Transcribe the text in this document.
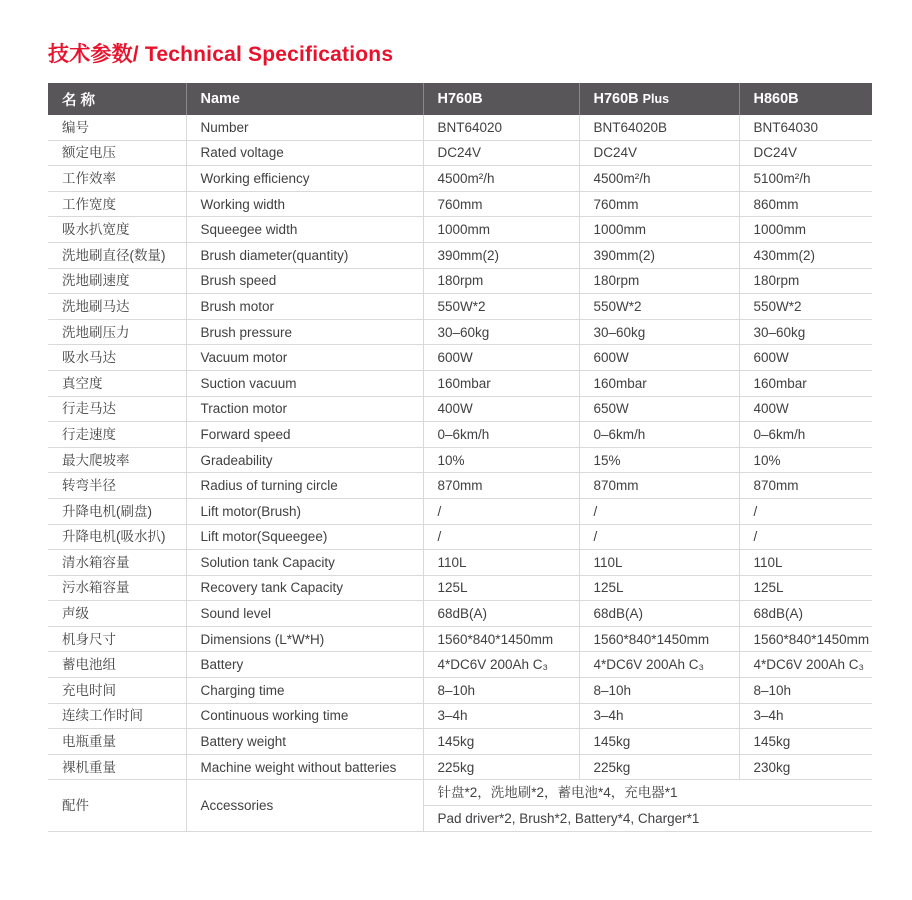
技术参数/ Technical Specifications
名 称	Name	H760B	H760B Plus	H860B
编号	Number	BNT64020	BNT64020B	BNT64030
额定电压	Rated voltage	DC24V	DC24V	DC24V
工作效率	Working efficiency	4500m²/h	4500m²/h	5100m²/h
工作宽度	Working width	760mm	760mm	860mm
吸水扒宽度	Squeegee width	1000mm	1000mm	1000mm
洗地刷直径(数量)	Brush diameter(quantity)	390mm(2)	390mm(2)	430mm(2)
洗地刷速度	Brush speed	180rpm	180rpm	180rpm
洗地刷马达	Brush motor	550W*2	550W*2	550W*2
洗地刷压力	Brush pressure	30–60kg	30–60kg	30–60kg
吸水马达	Vacuum motor	600W	600W	600W
真空度	Suction vacuum	160mbar	160mbar	160mbar
行走马达	Traction motor	400W	650W	400W
行走速度	Forward speed	0–6km/h	0–6km/h	0–6km/h
最大爬坡率	Gradeability	10%	15%	10%
转弯半径	Radius of turning circle	870mm	870mm	870mm
升降电机(刷盘)	Lift motor(Brush)	/	/	/
升降电机(吸水扒)	Lift motor(Squeegee)	/	/	/
清水箱容量	Solution tank Capacity	110L	110L	110L
污水箱容量	Recovery tank Capacity	125L	125L	125L
声级	Sound level	68dB(A)	68dB(A)	68dB(A)
机身尺寸	Dimensions (L*W*H)	1560*840*1450mm	1560*840*1450mm	1560*840*1450mm
蓄电池组	Battery	4*DC6V 200Ah C₃	4*DC6V 200Ah C₃	4*DC6V 200Ah C₃
充电时间	Charging time	8–10h	8–10h	8–10h
连续工作时间	Continuous working time	3–4h	3–4h	3–4h
电瓶重量	Battery weight	145kg	145kg	145kg
裸机重量	Machine weight without batteries	225kg	225kg	230kg
配件	Accessories	针盘*2，洗地刷*2，蓄电池*4，充电器*1		
		Pad driver*2, Brush*2, Battery*4, Charger*1		
